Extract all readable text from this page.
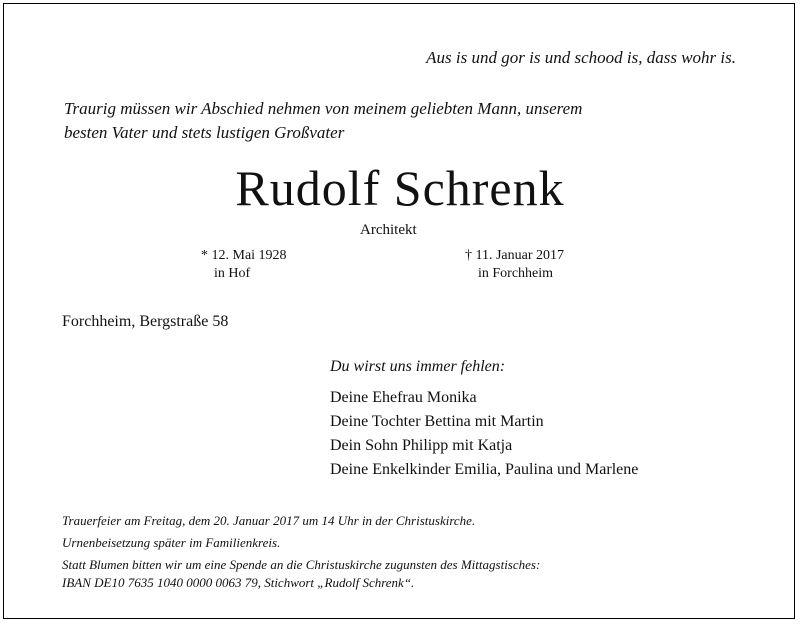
Aus is und gor is und schood is, dass wohr is.

Traurig müssen wir Abschied nehmen von meinem geliebten Mann, unserem
besten Vater und stets lustigen Großvater
Rudolf Schrenk
Architekt
* 12. Mai 1928
in Hof
† 11. Januar 2017
in Forchheim
Forchheim, Bergstraße 58
Du wirst uns immer fehlen:
Deine Ehefrau Monika
Deine Tochter Bettina mit Martin
Dein Sohn Philipp mit Katja
Deine Enkelkinder Emilia, Paulina und Marlene

Trauerfeier am Freitag, dem 20. Januar 2017 um 14 Uhr in der Christuskirche.

Urnenbeisetzung später im Familienkreis.

Statt Blumen bitten wir um eine Spende an die Christuskirche zugunsten des Mittagstisches:
IBAN DE10 7635 1040 0000 0063 79, Stichwort „Rudolf Schrenk“.
